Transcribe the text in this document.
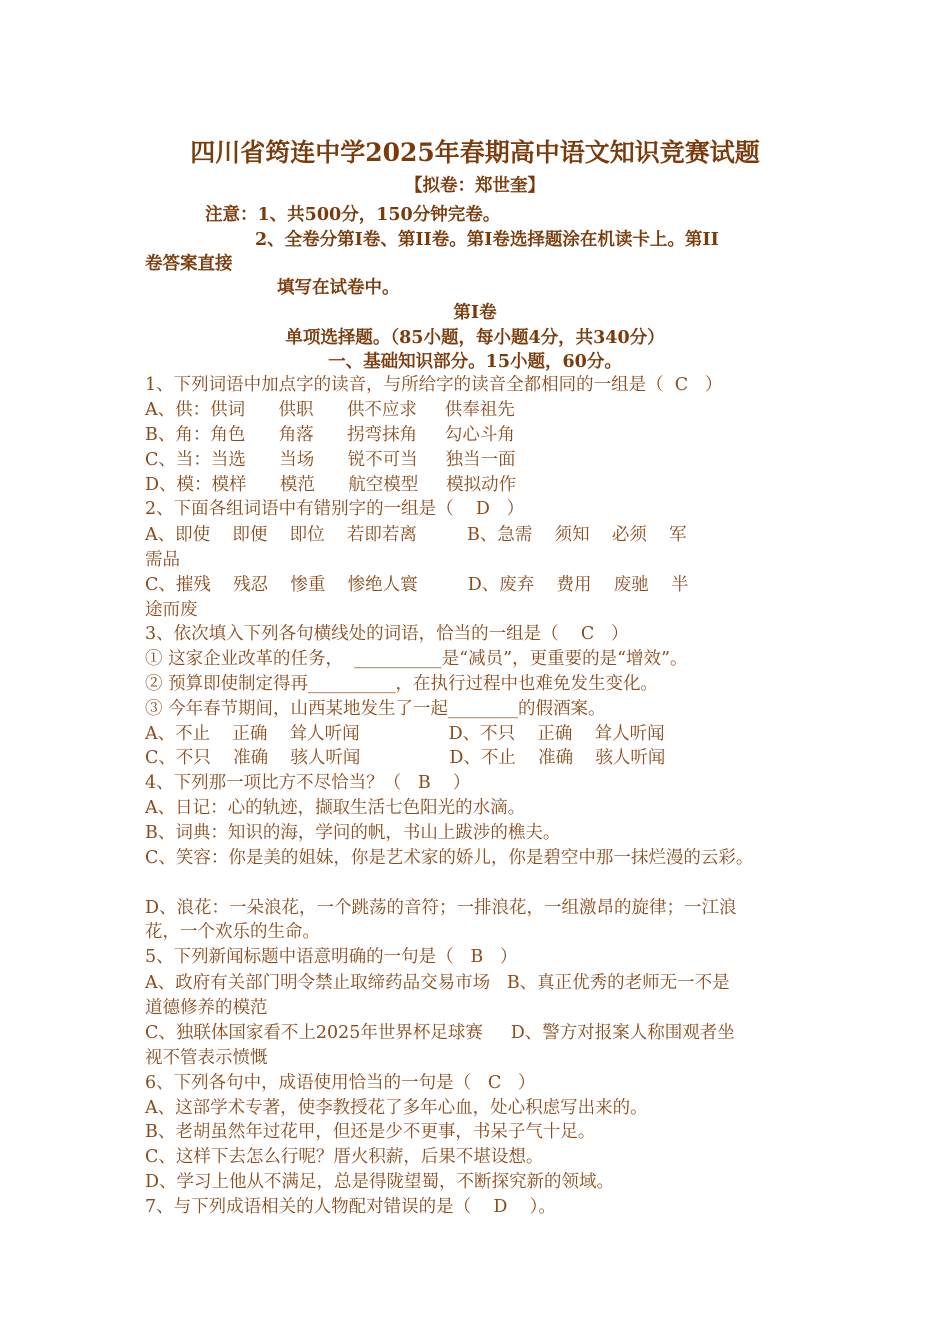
四川省筠连中学2025年春期高中语文知识竞赛试题
【拟卷：郑世奎】
注意：1、共500分，150分钟完卷。
2、全卷分第Ⅰ卷、第II卷。第Ⅰ卷选择题涂在机读卡上。第II
卷答案直接
填写在试卷中。
第Ⅰ卷
单项选择题。（85小题，每小题4分，共340分）
一、基础知识部分。15小题，60分。
1、下列词语中加点字的读音，与所给字的读音全都相同的一组是（  C   ）
A、供：供词      供职      供不应求     供奉祖先
B、角：角色      角落      拐弯抹角     勾心斗角
C、当：当选      当场      锐不可当     独当一面
D、模：模样      模范      航空模型     模拟动作
2、下面各组词语中有错别字的一组是（    D   ）
A、即使    即便    即位    若即若离         B、急需    须知    必须    军
需品
C、摧残    残忍    惨重    惨绝人寰         D、废弃    费用    废驰    半
途而废
3、依次填入下列各句横线处的词语，恰当的一组是（    C   ）
① 这家企业改革的任务，  __________是“减员”，更重要的是“增效”。
② 预算即使制定得再__________，在执行过程中也难免发生变化。
③ 今年春节期间，山西某地发生了一起________的假酒案。
A、不止    正确    耸人听闻                D、不只    正确    耸人听闻
C、不只    准确    骇人听闻                D、不止    准确    骇人听闻
4、下列那一项比方不尽恰当？（   B    ）
A、日记：心的轨迹，撷取生活七色阳光的水滴。
B、词典：知识的海，学问的帆，书山上跋涉的樵夫。
C、笑容：你是美的姐妹，你是艺术家的娇儿，你是碧空中那一抹烂漫的云彩。
D、浪花：一朵浪花，一个跳荡的音符；一排浪花，一组激昂的旋律；一江浪
花，一个欢乐的生命。
5、下列新闻标题中语意明确的一句是（   B   ）
A、政府有关部门明令禁止取缔药品交易市场   B、真正优秀的老师无一不是
道德修养的模范
C、独联体国家看不上2025年世界杯足球赛     D、警方对报案人称围观者坐
视不管表示愤慨
6、下列各句中，成语使用恰当的一句是（   C   ）
A、这部学术专著，使李教授花了多年心血，处心积虑写出来的。
B、老胡虽然年过花甲，但还是少不更事，书呆子气十足。
C、这样下去怎么行呢？厝火积薪，后果不堪设想。
D、学习上他从不满足，总是得陇望蜀，不断探究新的领域。
7、与下列成语相关的人物配对错误的是（    D    ）。
